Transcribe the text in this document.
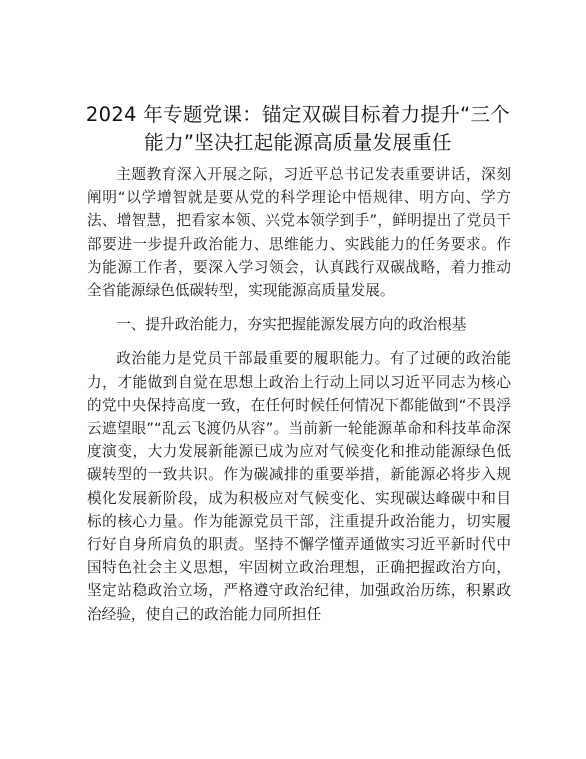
2024 年专题党课：锚定双碳目标着力提升“三个能力”坚决扛起能源高质量发展重任

主题教育深入开展之际，习近平总书记发表重要讲话，深刻阐明“以学增智就是要从党的科学理论中悟规律、明方向、学方法、增智慧，把看家本领、兴党本领学到手”，鲜明提出了党员干部要进一步提升政治能力、思维能力、实践能力的任务要求。作为能源工作者，要深入学习领会，认真践行双碳战略，着力推动全省能源绿色低碳转型，实现能源高质量发展。

一、提升政治能力，夯实把握能源发展方向的政治根基

政治能力是党员干部最重要的履职能力。有了过硬的政治能力，才能做到自觉在思想上政治上行动上同以习近平同志为核心的党中央保持高度一致，在任何时候任何情况下都能做到“不畏浮云遮望眼”“乱云飞渡仍从容”。当前新一轮能源革命和科技革命深度演变，大力发展新能源已成为应对气候变化和推动能源绿色低碳转型的一致共识。作为碳减排的重要举措，新能源必将步入规模化发展新阶段，成为积极应对气候变化、实现碳达峰碳中和目标的核心力量。作为能源党员干部，注重提升政治能力，切实履行好自身所肩负的职责。坚持不懈学懂弄通做实习近平新时代中国特色社会主义思想，牢固树立政治理想，正确把握政治方向，坚定站稳政治立场，严格遵守政治纪律，加强政治历练，积累政治经验，使自己的政治能力同所担任
